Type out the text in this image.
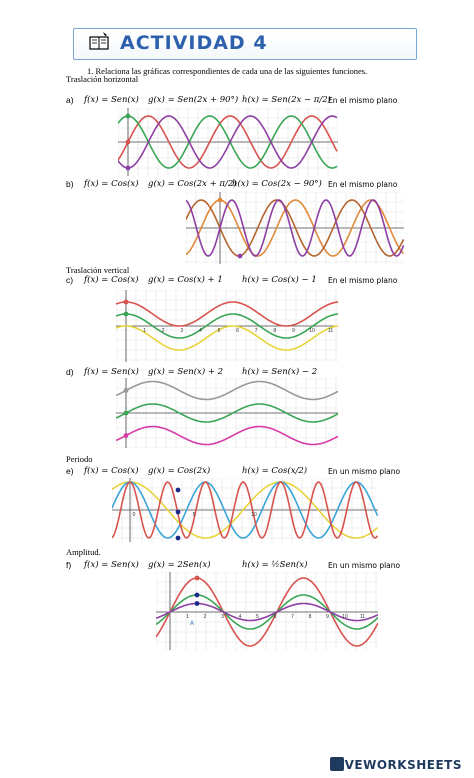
ACTIVIDAD 4
1. Relaciona las gráficas correspondientes de cada una de las siguientes funciones.
Traslación horizontal
Traslación vertical
Periodo
Amplitud.
a) f(x) = Sen(x) g(x) = Sen(2x + 90°) h(x) = Sen(2x − π/2)
En el mismo plano
b) f(x) = Cos(x) g(x) = Cos(2x + π/2)
h(x) = Cos(2x − 90°) En el mismo plano
c) f(x) = Cos(x) g(x) = Cos(x) + 1 h(x) = Cos(x) − 1 En el mismo plano
d) f(x) = Sen(x) g(x) = Sen(x) + 2 h(x) = Sen(x) − 2
e) f(x) = Cos(x) g(x) = Cos(2x)	h(x) = Cos(x/2)	En un mismo plano
f) f(x) = Sen(x) g(x) = 2Sen(x)	h(x) = ½Sen(x)	En un mismo plano
1	2	3	4	5	6	7	8	9	10	11
0	5	10
1	2	3	4	5	6	7	8	9	10 11
A
LIVEWORKSHEETS
